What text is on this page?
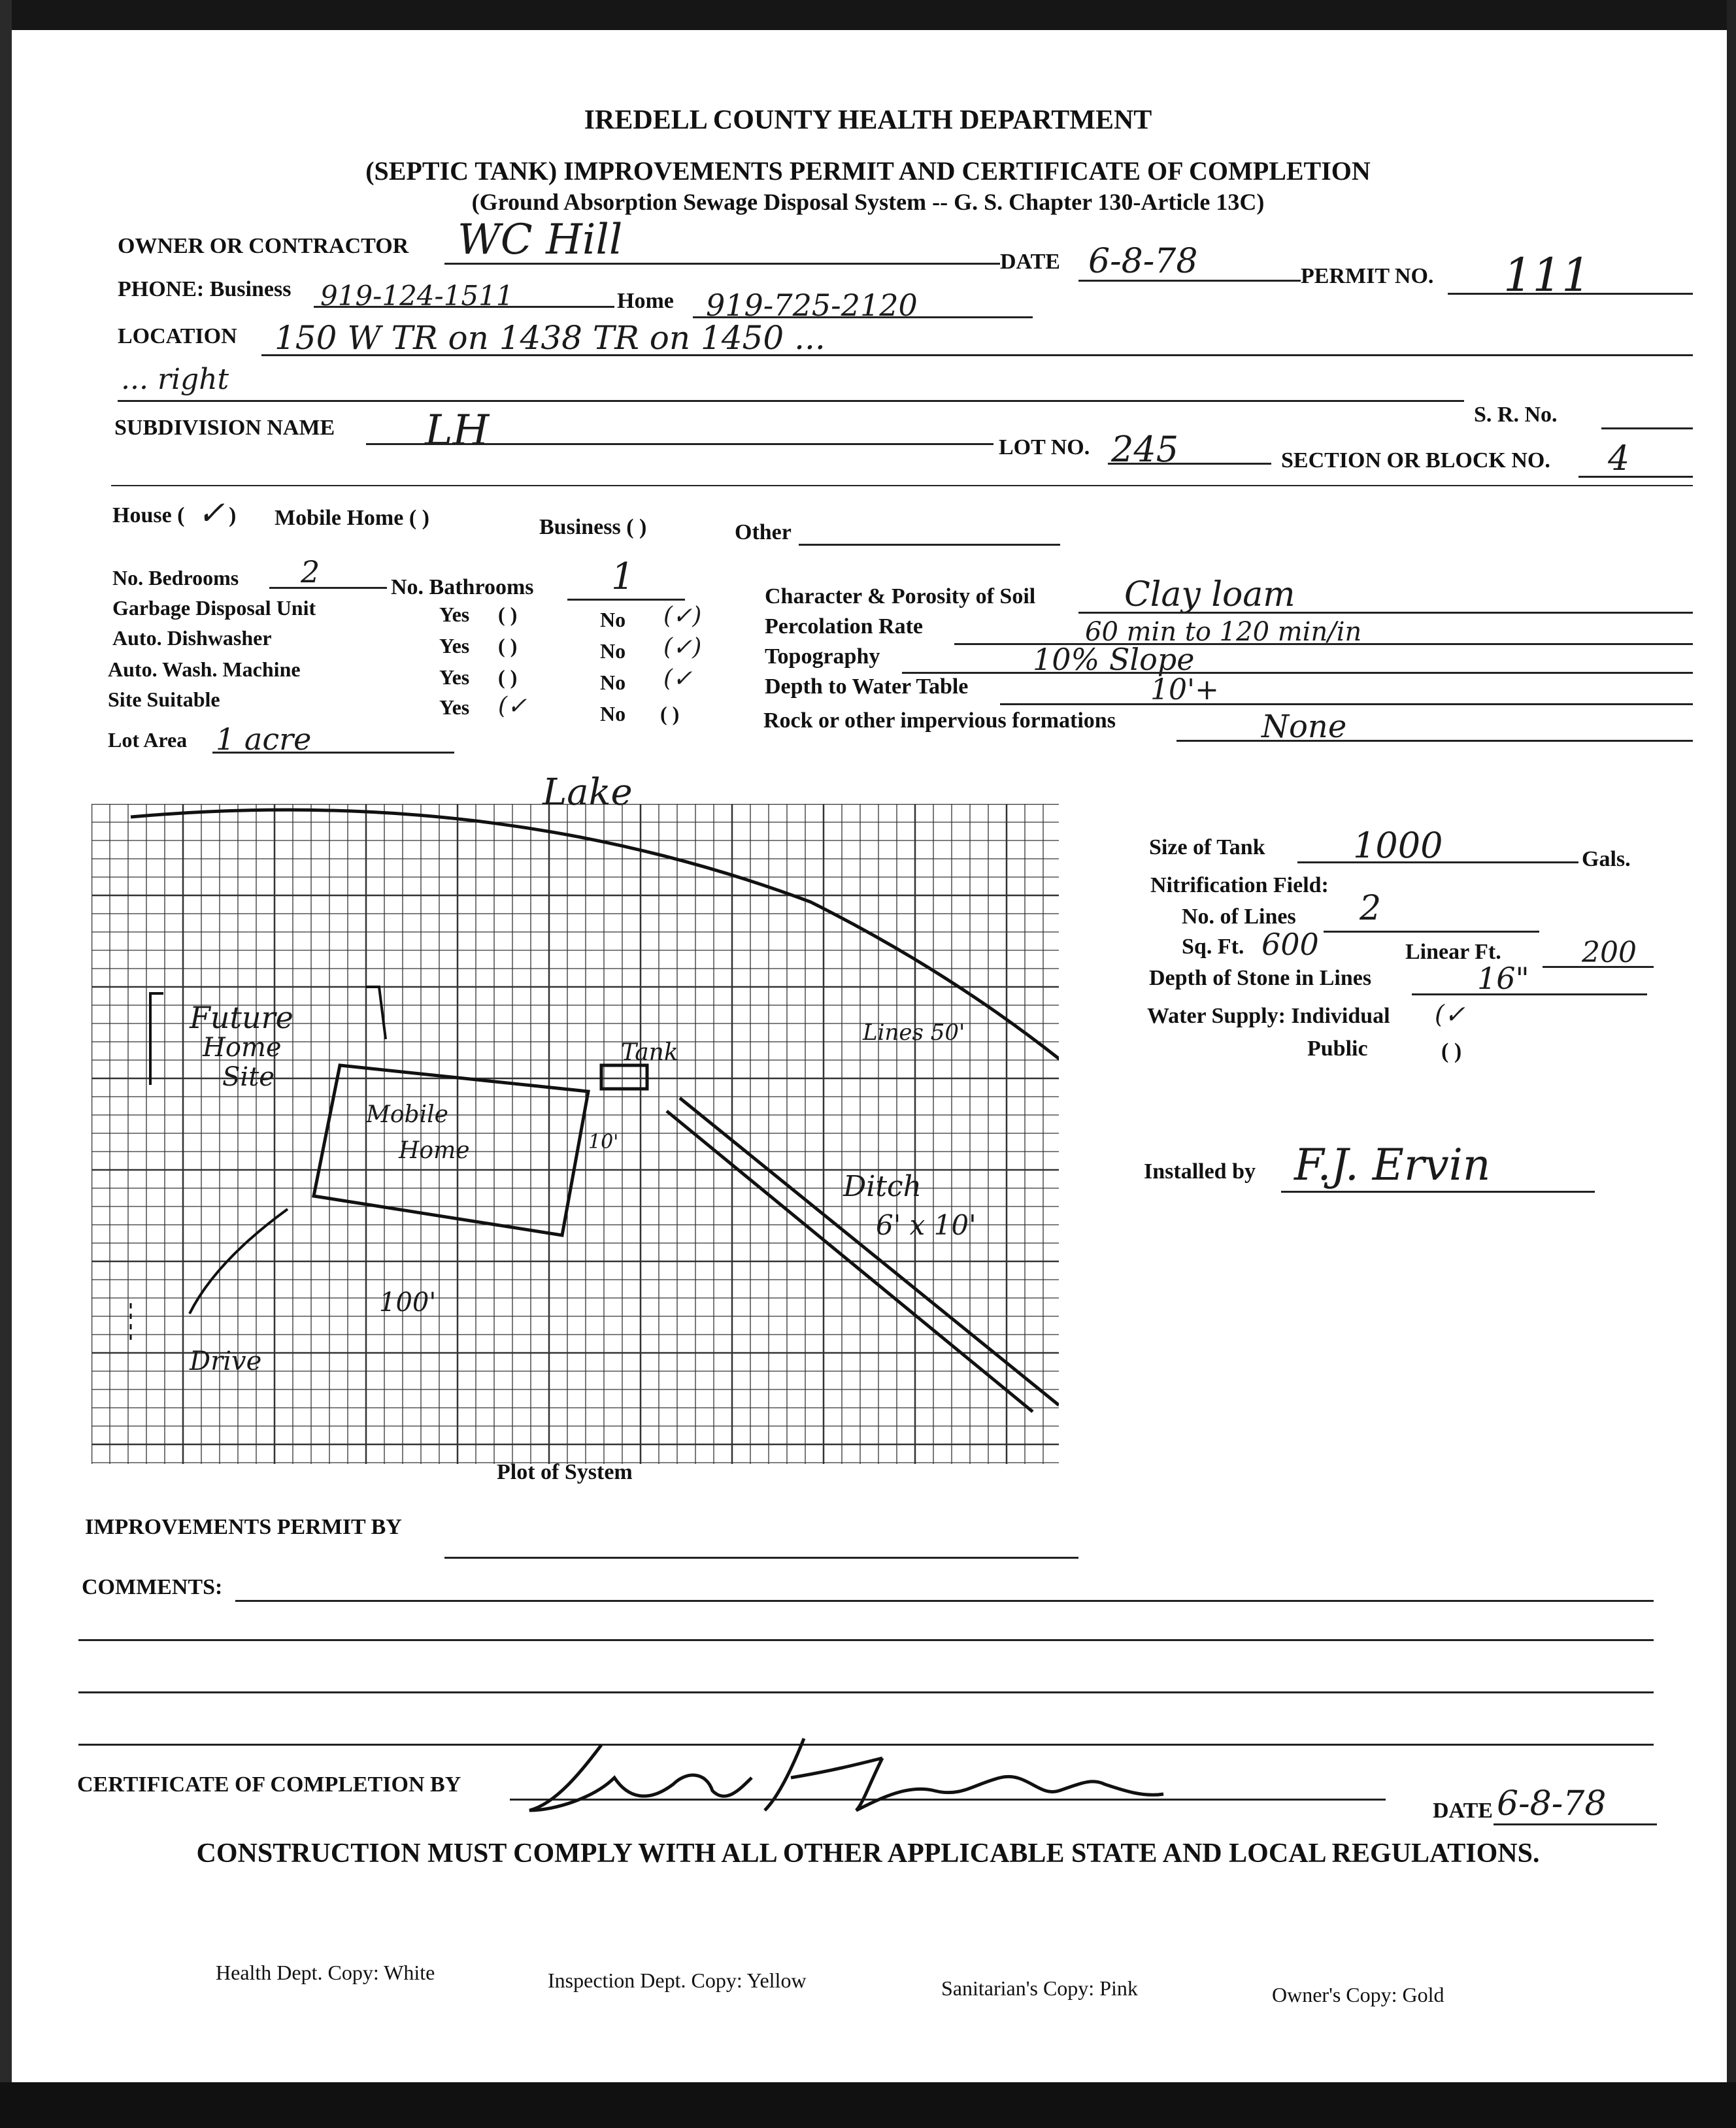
IREDELL COUNTY HEALTH DEPARTMENT
(SEPTIC TANK) IMPROVEMENTS PERMIT AND CERTIFICATE OF COMPLETION
(Ground Absorption Sewage Disposal System -- G. S. Chapter 130-Article 13C)
OWNER OR CONTRACTOR WC Hill	DATE 6-8-78	PERMIT NO. 111
PHONE: Business 919-124-1511	Home 919-725-2120
LOCATION 150 W TR on 1438 TR on 1450 ...
... right
S. R. No.
SUBDIVISION NAME LH	LOT NO. 245	SECTION OR BLOCK NO. 4
House ( ✓ ) Mobile Home ( )	Business ( )	Other
No. Bedrooms 2	No. Bathrooms 1
Garbage Disposal Unit	Yes ( )	No (✓)
Auto. Dishwasher	Yes ( )	No (✓)
Auto. Wash. Machine	Yes ( )	No (✓
Site Suitable	Yes (✓	No ( )
Lot Area 1 acre
Character & Porosity of Soil	Clay loam
Percolation Rate	60 min to 120 min/in
Topography	10% Slope
Depth to Water Table	10'+
Rock or other impervious formations	None
Lake
Future
Home
Site
Mobile
Home
Tank
Lines 50'
Ditch
6' x 10'
100'
Drive
10'
Plot of System
Size of Tank 1000	Gals.
Nitrification Field:
No. of Lines 2
Sq. Ft. 600	Linear Ft.	200
Depth of Stone in Lines	16"
Water Supply: Individual (✓
Public	( )
Installed by F.J. Ervin
IMPROVEMENTS PERMIT BY
COMMENTS:
CERTIFICATE OF COMPLETION BY
DATE 6-8-78
CONSTRUCTION MUST COMPLY WITH ALL OTHER APPLICABLE STATE AND LOCAL REGULATIONS.
Health Dept. Copy: White	Inspection Dept. Copy: Yellow	Sanitarian's Copy: Pink	Owner's Copy: Gold
